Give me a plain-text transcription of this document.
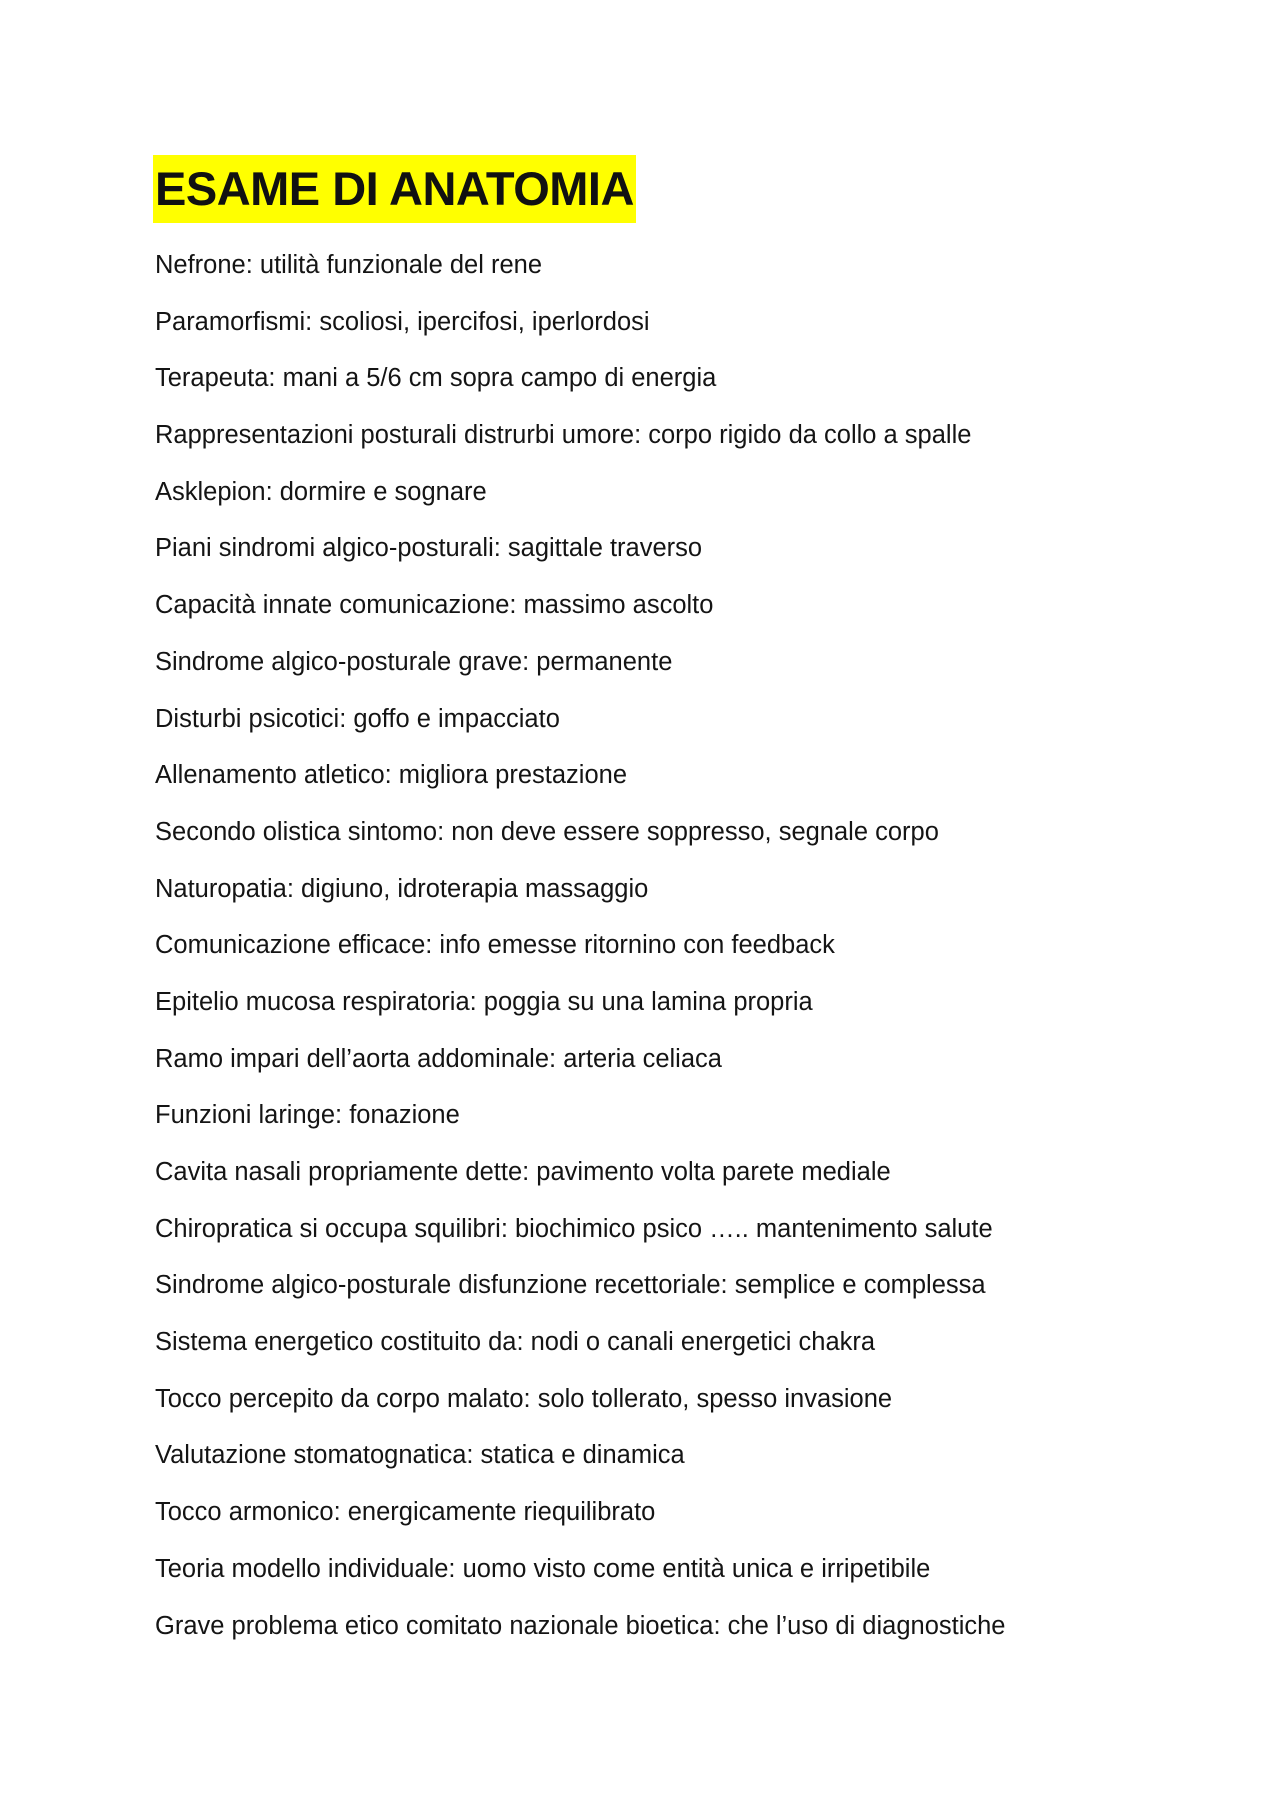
ESAME DI ANATOMIA
Nefrone: utilità funzionale del rene
Paramorfismi: scoliosi, ipercifosi, iperlordosi
Terapeuta: mani a 5/6 cm sopra campo di energia
Rappresentazioni posturali distrurbi umore: corpo rigido da collo a spalle
Asklepion: dormire e sognare
Piani sindromi algico-posturali: sagittale traverso
Capacità innate comunicazione: massimo ascolto
Sindrome algico-posturale grave: permanente
Disturbi psicotici: goffo e impacciato
Allenamento atletico: migliora prestazione
Secondo olistica sintomo: non deve essere soppresso, segnale corpo
Naturopatia: digiuno, idroterapia massaggio
Comunicazione efficace: info emesse ritornino con feedback
Epitelio mucosa respiratoria: poggia su una lamina propria
Ramo impari dell’aorta addominale: arteria celiaca
Funzioni laringe: fonazione
Cavita nasali propriamente dette: pavimento volta parete mediale
Chiropratica si occupa squilibri: biochimico psico ….. mantenimento salute
Sindrome algico-posturale disfunzione recettoriale: semplice e complessa
Sistema energetico costituito da: nodi o canali energetici chakra
Tocco percepito da corpo malato: solo tollerato, spesso invasione
Valutazione stomatognatica: statica e dinamica
Tocco armonico: energicamente riequilibrato
Teoria modello individuale: uomo visto come entità unica e irripetibile
Grave problema etico comitato nazionale bioetica: che l’uso di diagnostiche
